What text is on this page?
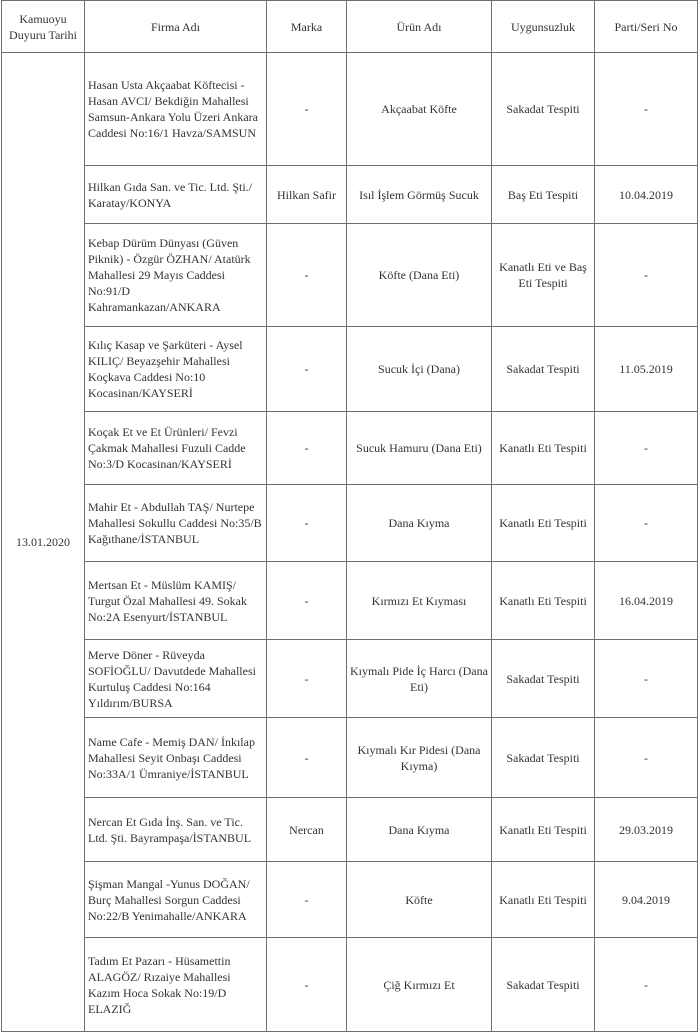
Kamuoyu Duyuru Tarihi	Firma Adı	Marka	Ürün Adı	Uygunsuzluk	Parti/Seri No
13.01.2020	Hasan Usta Akçaabat Köftecisi - Hasan AVCI/ Bekdiğin Mahallesi Samsun-Ankara Yolu Üzeri Ankara Caddesi No:16/1 Havza/SAMSUN	-	Akçaabat Köfte	Sakadat Tespiti	-
	Hilkan Gıda San. ve Tic. Ltd. Şti./ Karatay/KONYA	Hilkan Safir	Isıl İşlem Görmüş Sucuk	Baş Eti Tespiti	10.04.2019
	Kebap Dürüm Dünyası (Güven Piknik) - Özgür ÖZHAN/ Atatürk Mahallesi 29 Mayıs Caddesi No:91/D Kahramankazan/ANKARA	-	Köfte (Dana Eti)	Kanatlı Eti ve Baş Eti Tespiti	-
	Kılıç Kasap ve Şarküteri - Aysel KILIÇ/ Beyazşehir Mahallesi Koçkava Caddesi No:10 Kocasinan/KAYSERİ	-	Sucuk İçi (Dana)	Sakadat Tespiti	11.05.2019
	Koçak Et ve Et Ürünleri/ Fevzi Çakmak Mahallesi Fuzuli Cadde No:3/D Kocasinan/KAYSERİ	-	Sucuk Hamuru (Dana Eti)	Kanatlı Eti Tespiti	-
	Mahir Et - Abdullah TAŞ/ Nurtepe Mahallesi Sokullu Caddesi No:35/B Kağıthane/İSTANBUL	-	Dana Kıyma	Kanatlı Eti Tespiti	-
	Mertsan Et - Müslüm KAMIŞ/ Turgut Özal Mahallesi 49. Sokak No:2A Esenyurt/İSTANBUL	-	Kırmızı Et Kıyması	Kanatlı Eti Tespiti	16.04.2019
	Merve Döner - Rüveyda SOFİOĞLU/ Davutdede Mahallesi Kurtuluş Caddesi No:164 Yıldırım/BURSA	-	Kıymalı Pide İç Harcı (Dana Eti)	Sakadat Tespiti	-
	Name Cafe - Memiş DAN/ İnkılap Mahallesi Seyit Onbaşı Caddesi No:33A/1 Ümraniye/İSTANBUL	-	Kıymalı Kır Pidesi (Dana Kıyma)	Sakadat Tespiti	-
	Nercan Et Gıda İnş. San. ve Tic. Ltd. Şti. Bayrampaşa/İSTANBUL	Nercan	Dana Kıyma	Kanatlı Eti Tespiti	29.03.2019
	Şişman Mangal -Yunus DOĞAN/ Burç Mahallesi Sorgun Caddesi No:22/B Yenimahalle/ANKARA	-	Köfte	Kanatlı Eti Tespiti	9.04.2019
	Tadım Et Pazarı - Hüsamettin ALAGÖZ/ Rızaiye Mahallesi Kazım Hoca Sokak No:19/D ELAZIĞ	-	Çiğ Kırmızı Et	Sakadat Tespiti	-
